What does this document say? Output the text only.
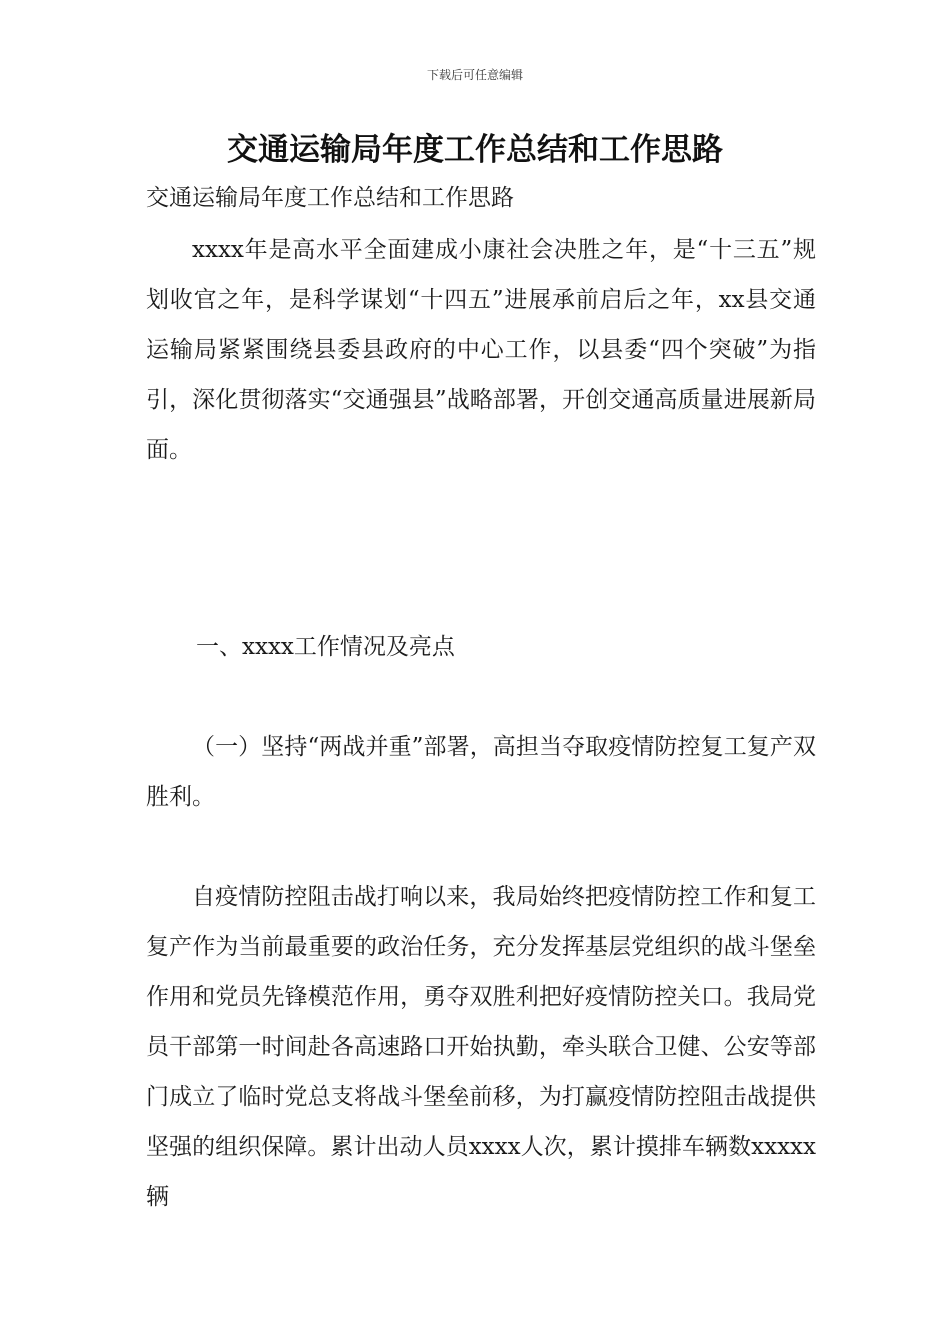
下载后可任意编辑
交通运输局年度工作总结和工作思路
交通运输局年度工作总结和工作思路

xxxx年是高水平全面建成小康社会决胜之年，是“十三五”规划收官之年，是科学谋划“十四五”进展承前启后之年，xx县交通运输局紧紧围绕县委县政府的中心工作，以县委“四个突破”为指引，深化贯彻落实“交通强县”战略部署，开创交通高质量进展新局面。

一、xxxx工作情况及亮点

（一）坚持“两战并重”部署，高担当夺取疫情防控复工复产双胜利。

自疫情防控阻击战打响以来，我局始终把疫情防控工作和复工复产作为当前最重要的政治任务，充分发挥基层党组织的战斗堡垒作用和党员先锋模范作用，勇夺双胜利把好疫情防控关口。我局党员干部第一时间赴各高速路口开始执勤，牵头联合卫健、公安等部门成立了临时党总支将战斗堡垒前移，为打赢疫情防控阻击战提供坚强的组织保障。累计出动人员xxxx人次，累计摸排车辆数xxxxx辆
